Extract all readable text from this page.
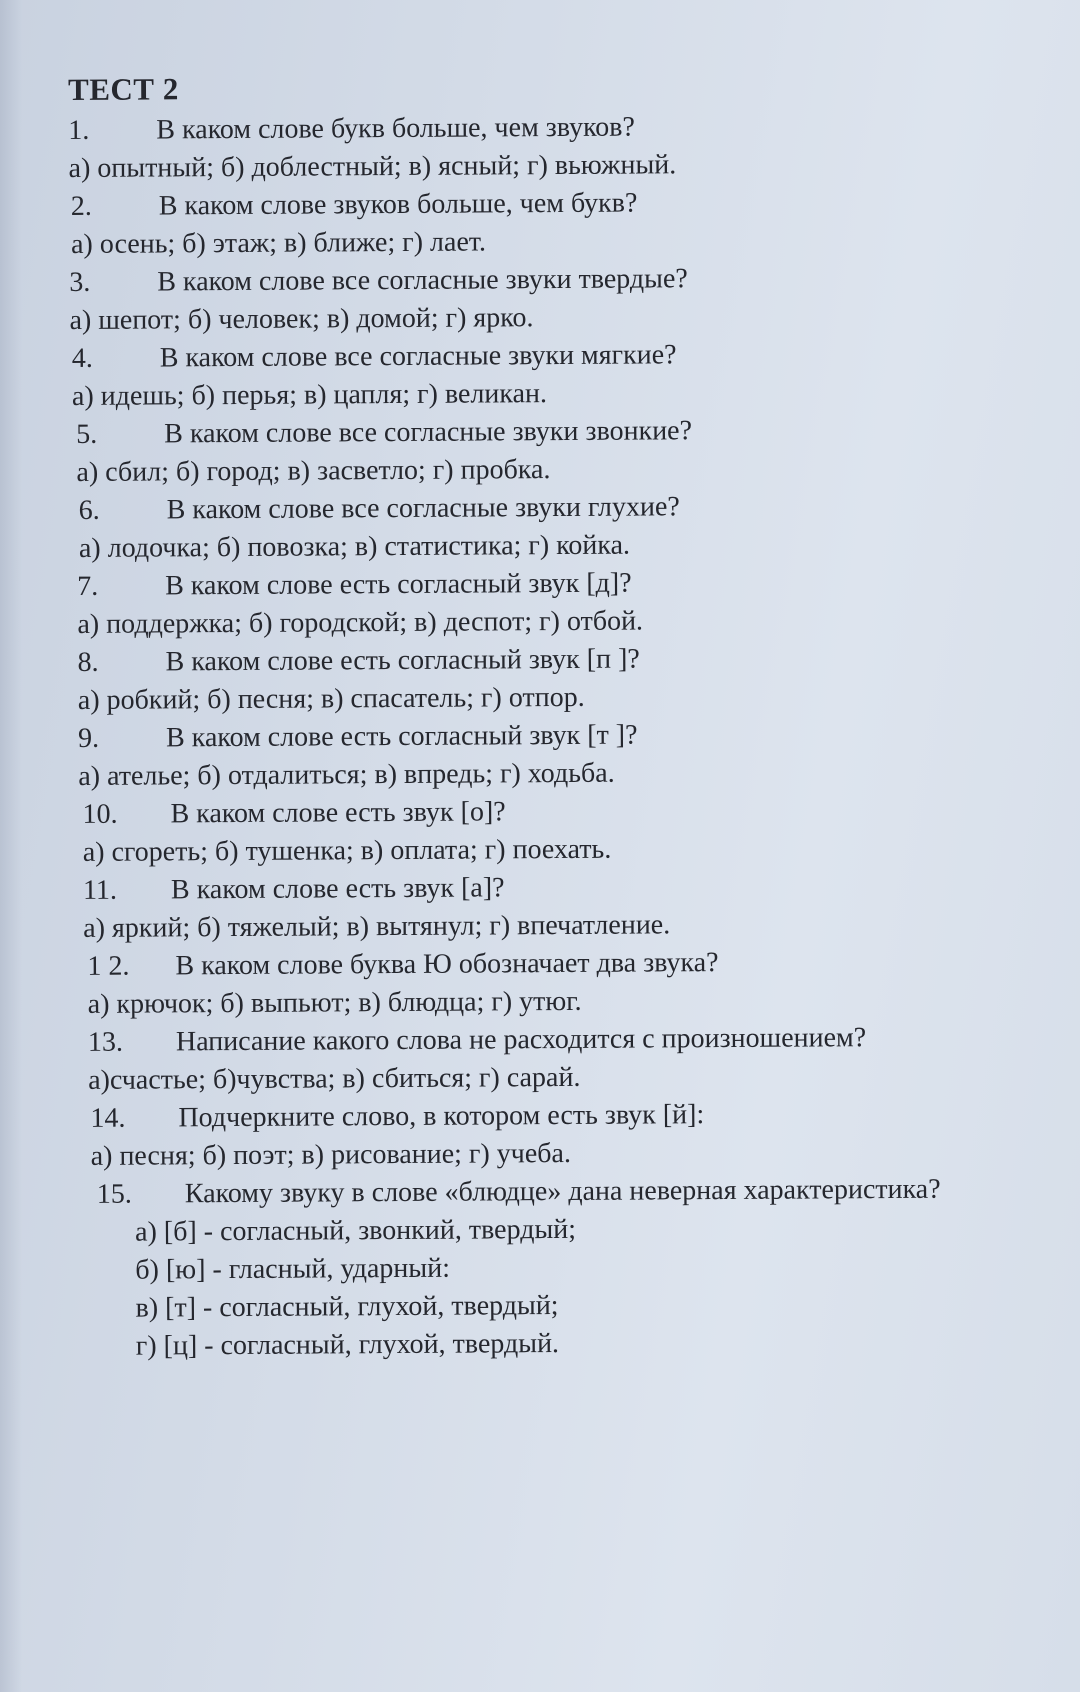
ТЕСТ 2
1.	В каком слове букв больше, чем звуков?
а) опытный; б) доблестный; в) ясный; г) вьюжный.
2.	В каком слове звуков больше, чем букв?
а) осень; б) этаж; в) ближе; г) лает.
3.	В каком слове все согласные звуки твердые?
а) шепот; б) человек; в) домой; г) ярко.
4.	В каком слове все согласные звуки мягкие?
а) идешь; б) перья; в) цапля; г) великан.
5.	В каком слове все согласные звуки звонкие?
а) сбил; б) город; в) засветло; г) пробка.
6.	В каком слове все согласные звуки глухие?
а) лодочка; б) повозка; в) статистика; г) койка.
7.	В каком слове есть согласный звук [д]?
а) поддержка; б) городской; в) деспот; г) отбой.
8.	В каком слове есть согласный звук [п ]?
а) робкий; б) песня; в) спасатель; г) отпор.
9.	В каком слове есть согласный звук [т ]?
а) ателье; б) отдалиться; в) впредь; г) ходьба.
10.	В каком слове есть звук [о]?
а) сгореть; б) тушенка; в) оплата; г) поехать.
11.	В каком слове есть звук [а]?
а) яркий; б) тяжелый; в) вытянул; г) впечатление.
1 2.	В каком слове буква Ю обозначает два звука?
а) крючок; б) выпьют; в) блюдца; г) утюг.
13.	Написание какого слова не расходится с произношением?
а)счастье; б)чувства; в) сбиться; г) сарай.
14.	Подчеркните слово, в котором есть звук [й]:
а) песня; б) поэт; в) рисование; г) учеба.
15.	Какому звуку в слове «блюдце» дана неверная характеристика?
а) [б] - согласный, звонкий, твердый;
б) [ю] - гласный, ударный:
в) [т] - согласный, глухой, твердый;
г) [ц] - согласный, глухой, твердый.
